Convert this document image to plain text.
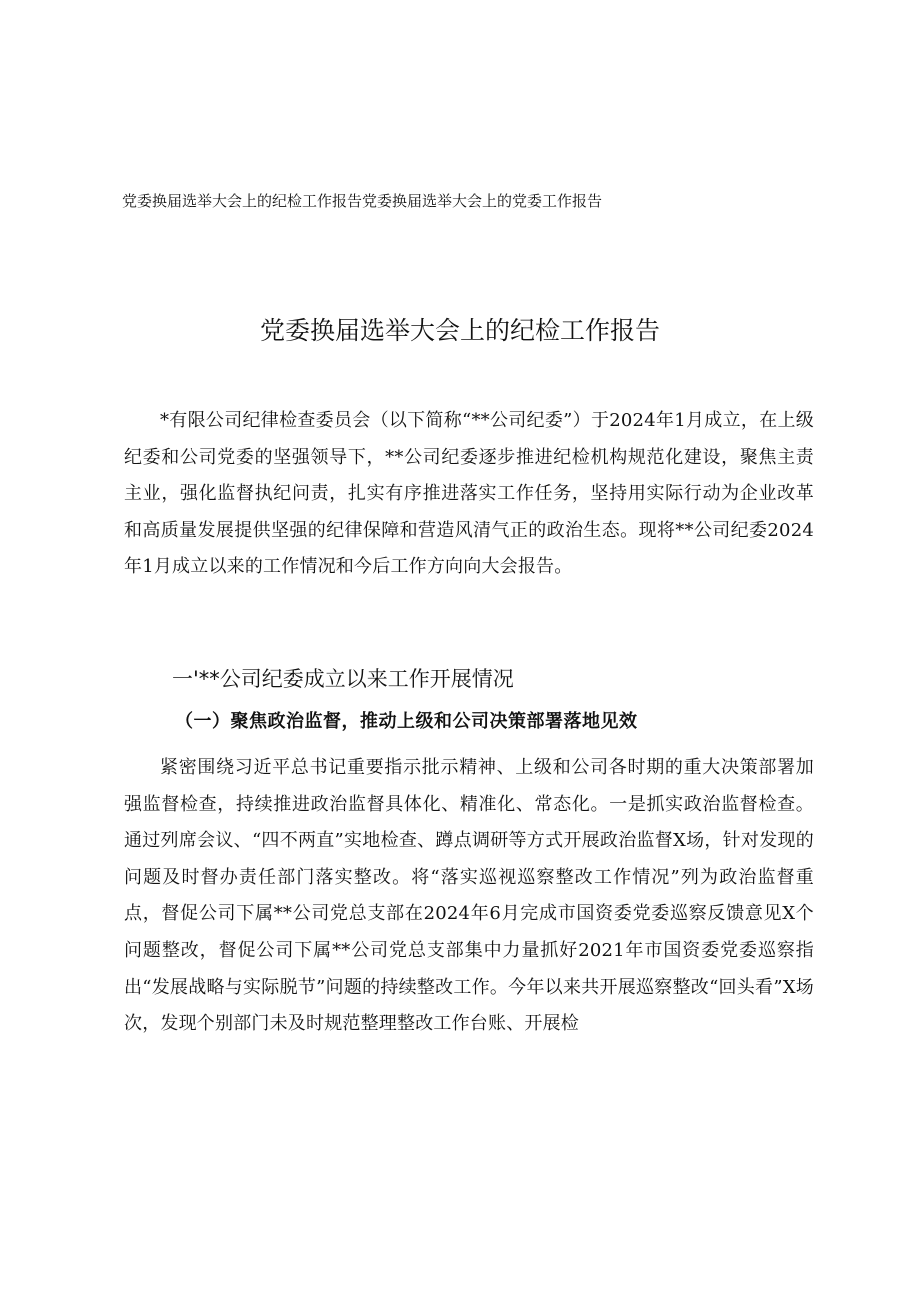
党委换届选举大会上的纪检工作报告党委换届选举大会上的党委工作报告
党委换届选举大会上的纪检工作报告

*有限公司纪律检查委员会（以下简称“**公司纪委”）于2024年1月成立，在上级纪委和公司党委的坚强领导下，**公司纪委逐步推进纪检机构规范化建设，聚焦主责主业，强化监督执纪问责，扎实有序推进落实工作任务，坚持用实际行动为企业改革和高质量发展提供坚强的纪律保障和营造风清气正的政治生态。现将**公司纪委2024年1月成立以来的工作情况和今后工作方向向大会报告。

一'**公司纪委成立以来工作开展情况
（一）聚焦政治监督，推动上级和公司决策部署落地见效

紧密围绕习近平总书记重要指示批示精神、上级和公司各时期的重大决策部署加强监督检查，持续推进政治监督具体化、精准化、常态化。一是抓实政治监督检查。通过列席会议、“四不两直”实地检查、蹲点调研等方式开展政治监督X场，针对发现的问题及时督办责任部门落实整改。将“落实巡视巡察整改工作情况”列为政治监督重点，督促公司下属**公司党总支部在2024年6月完成市国资委党委巡察反馈意见X个问题整改，督促公司下属**公司党总支部集中力量抓好2021年市国资委党委巡察指出“发展战略与实际脱节”问题的持续整改工作。今年以来共开展巡察整改“回头看”X场次，发现个别部门未及时规范整理整改工作台账、开展检
